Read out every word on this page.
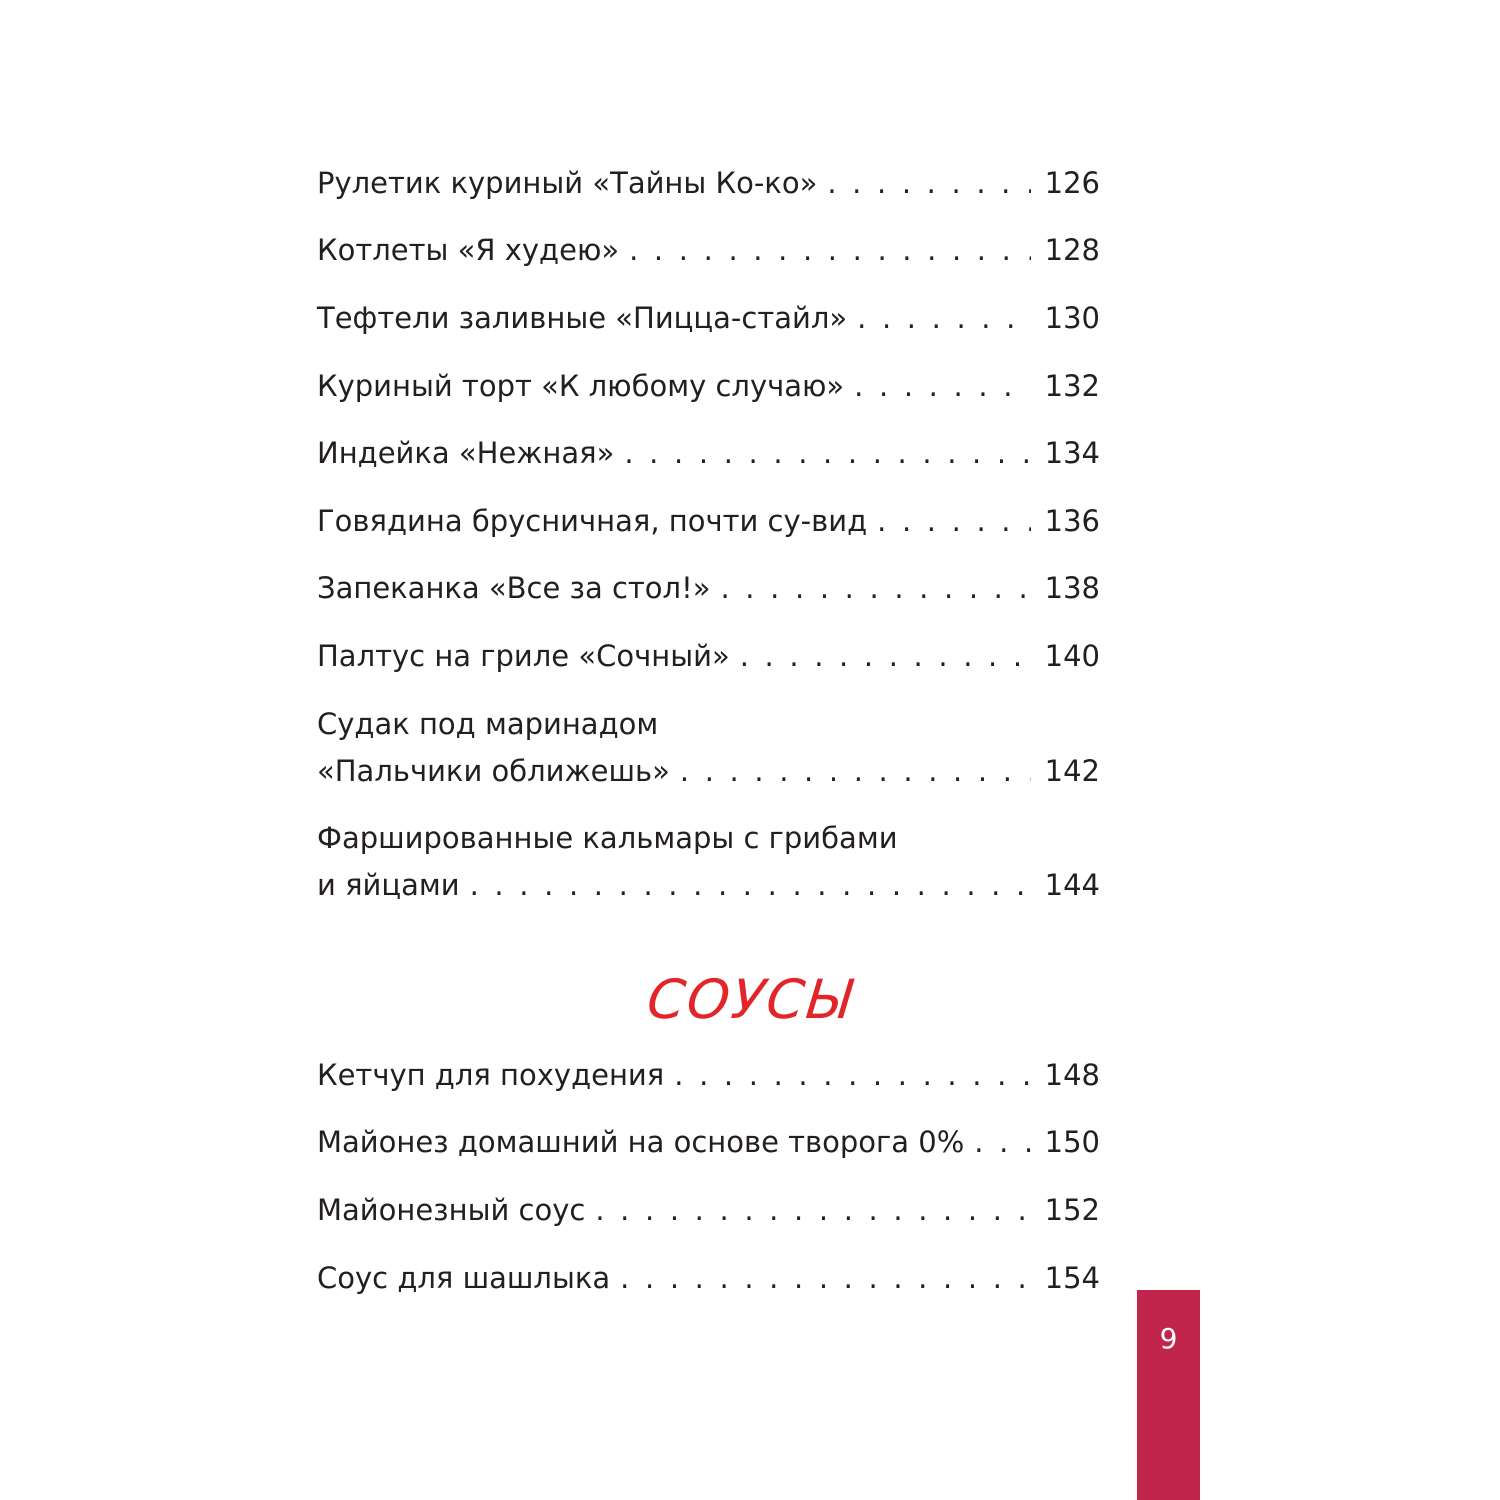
Рулетик куриный «Тайны Ко-ко» . . .	126
Котлеты «Я худею» . . .	128
Тефтели заливные «Пицца-стайл» . . .	130
Куриный торт «К любому случаю» . . .	132
Индейка «Нежная» . . .	134
Говядина брусничная, почти су-вид . . .	136
Запеканка «Все за стол!» . . .	138
Палтус на гриле «Сочный» . . .	140
Судак под маринадом
«Пальчики оближешь» . . .	142
Фаршированные кальмары с грибами
и яйцами . . .	144
Кетчуп для похудения . . .	148
Майонез домашний на основе творога 0% . . .	150
Майонезный соус . . .	152
Соус для шашлыка . . .	154
СОУСЫ
9
